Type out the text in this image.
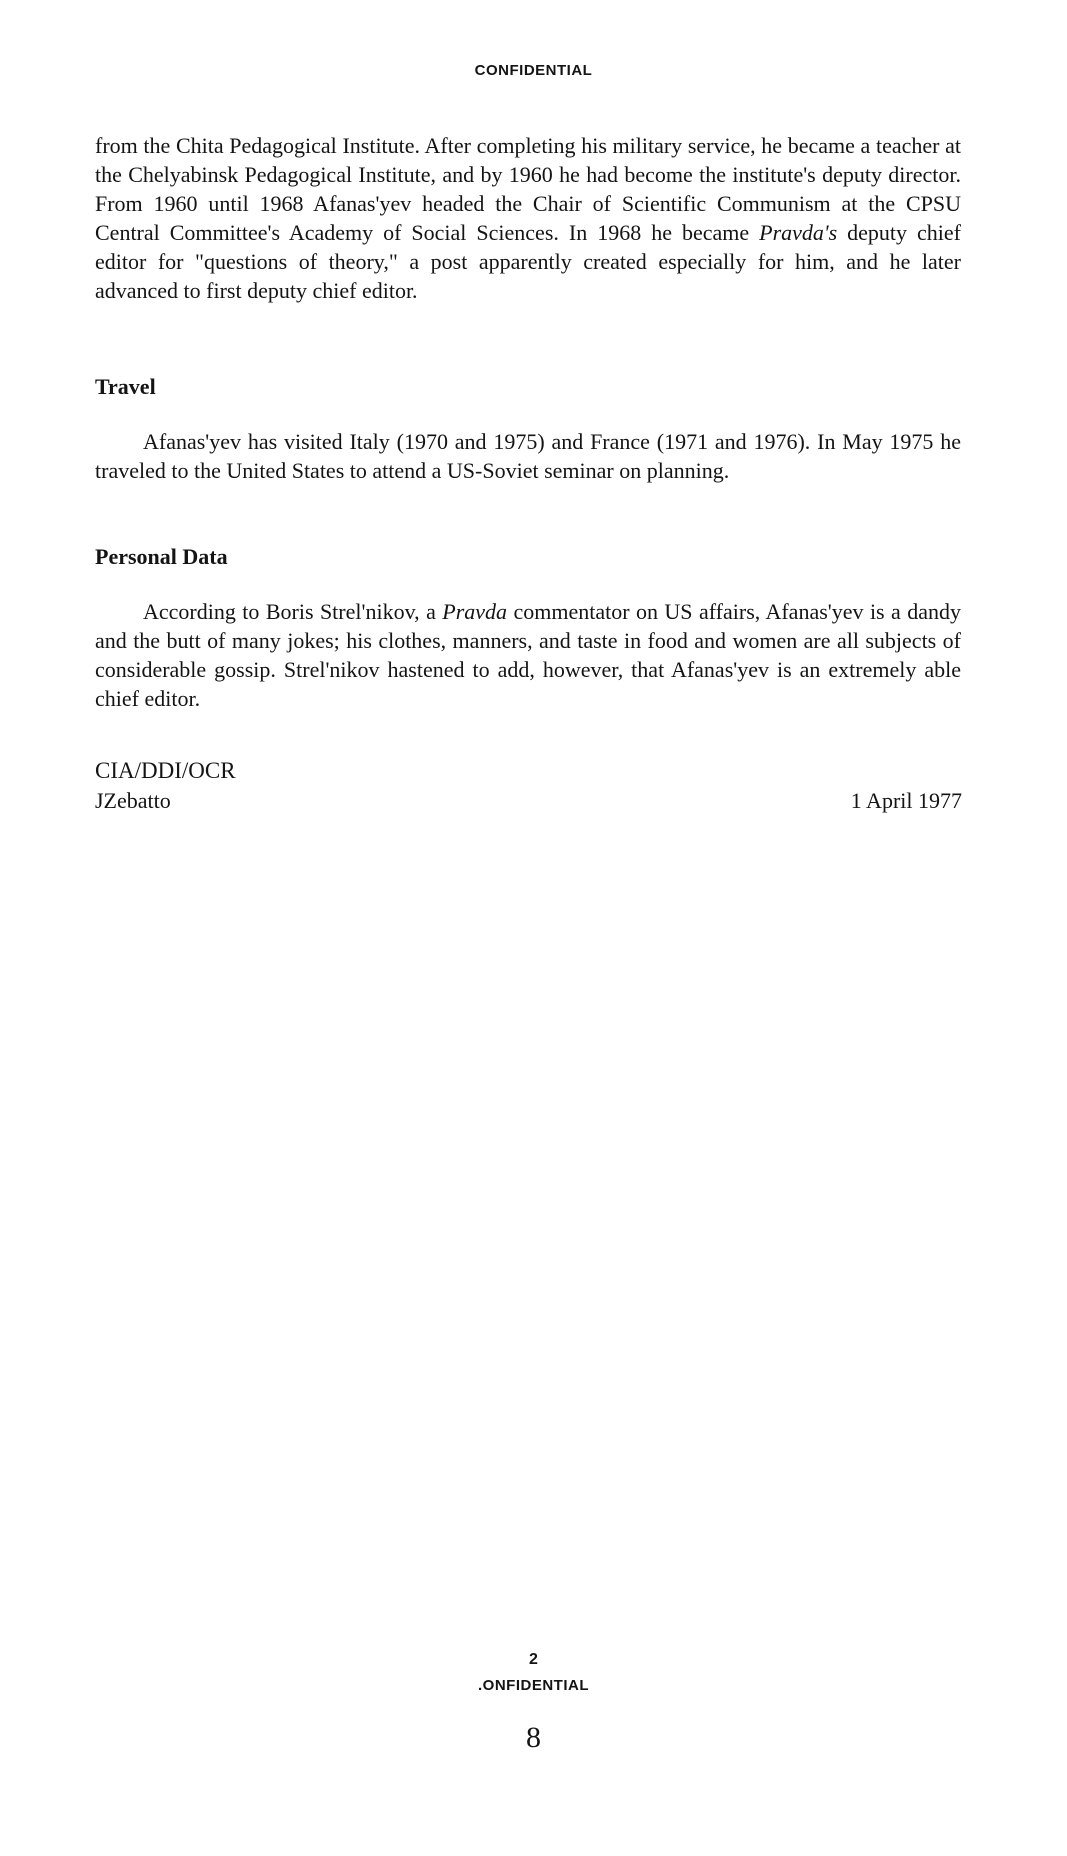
CONFIDENTIAL

from the Chita Pedagogical Institute. After completing his military service, he became a teacher at the Chelyabinsk Pedagogical Institute, and by 1960 he had become the institute's deputy director. From 1960 until 1968 Afanas'yev headed the Chair of Scientific Communism at the CPSU Central Committee's Academy of Social Sciences. In 1968 he became Pravda's deputy chief editor for "questions of theory," a post apparently created especially for him, and he later advanced to first deputy chief editor.

Travel

Afanas'yev has visited Italy (1970 and 1975) and France (1971 and 1976). In May 1975 he traveled to the United States to attend a US-Soviet seminar on planning.

Personal Data

According to Boris Strel'nikov, a Pravda commentator on US affairs, Afanas'yev is a dandy and the butt of many jokes; his clothes, manners, and taste in food and women are all subjects of considerable gossip. Strel'nikov hastened to add, however, that Afanas'yev is an extremely able chief editor.

CIA/DDI/OCR
JZebatto	1 April 1977
2
.ONFIDENTIAL
8
